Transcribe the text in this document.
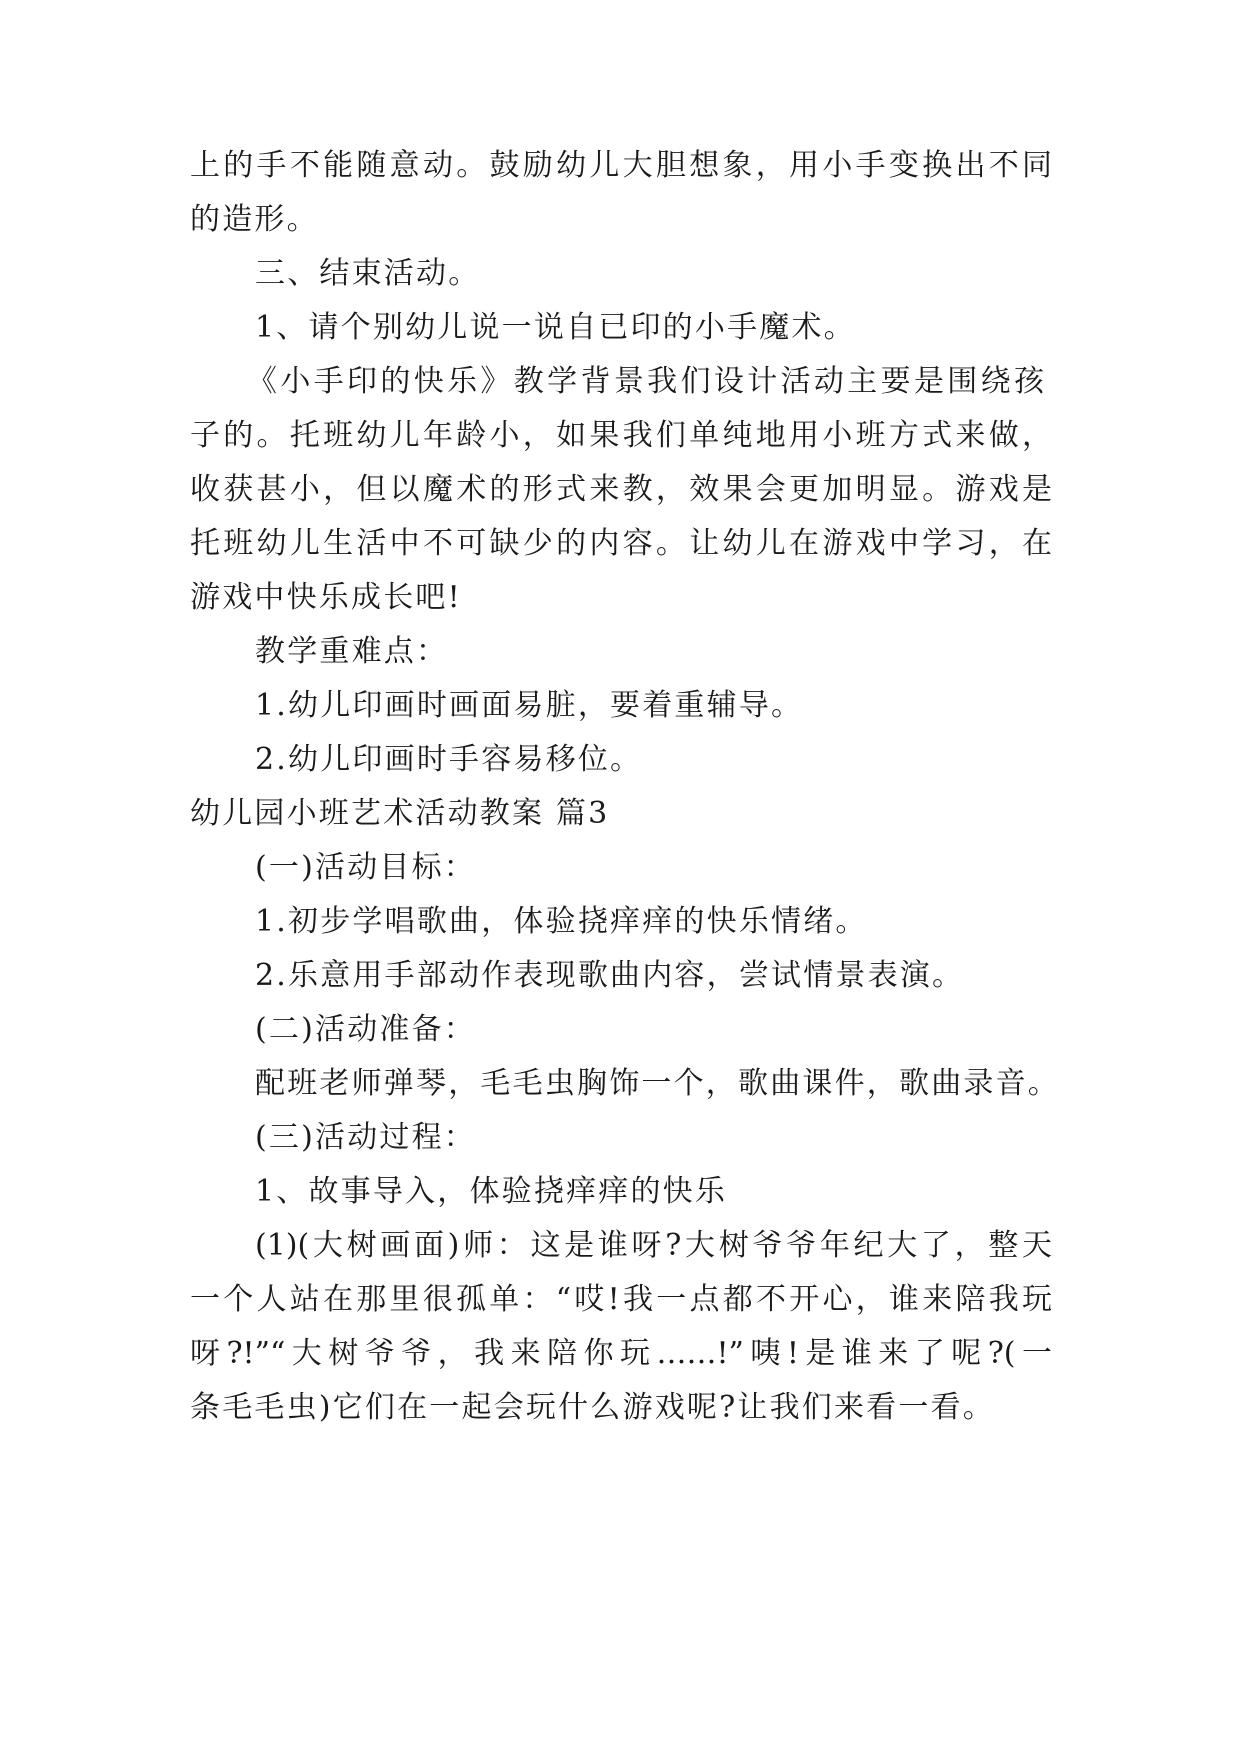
上的手不能随意动。鼓励幼儿大胆想象，用小手变换出不同
的造形。
三、结束活动。
1、请个别幼儿说一说自已印的小手魔术。
《小手印的快乐》教学背景我们设计活动主要是围绕孩
子的。托班幼儿年龄小，如果我们单纯地用小班方式来做，
收获甚小，但以魔术的形式来教，效果会更加明显。游戏是
托班幼儿生活中不可缺少的内容。让幼儿在游戏中学习，在
游戏中快乐成长吧!
教学重难点：
1.幼儿印画时画面易脏，要着重辅导。
2.幼儿印画时手容易移位。
幼儿园小班艺术活动教案 篇3
(一)活动目标：
1.初步学唱歌曲，体验挠痒痒的快乐情绪。
2.乐意用手部动作表现歌曲内容，尝试情景表演。
(二)活动准备：
配班老师弹琴，毛毛虫胸饰一个，歌曲课件，歌曲录音。
(三)活动过程：
1、故事导入，体验挠痒痒的快乐
(1)(大树画面)师：这是谁呀?大树爷爷年纪大了，整天
一个人站在那里很孤单：“哎!我一点都不开心，谁来陪我玩
呀?!”“大树爷爷，我来陪你玩……!”咦!是谁来了呢?(一
条毛毛虫)它们在一起会玩什么游戏呢?让我们来看一看。
